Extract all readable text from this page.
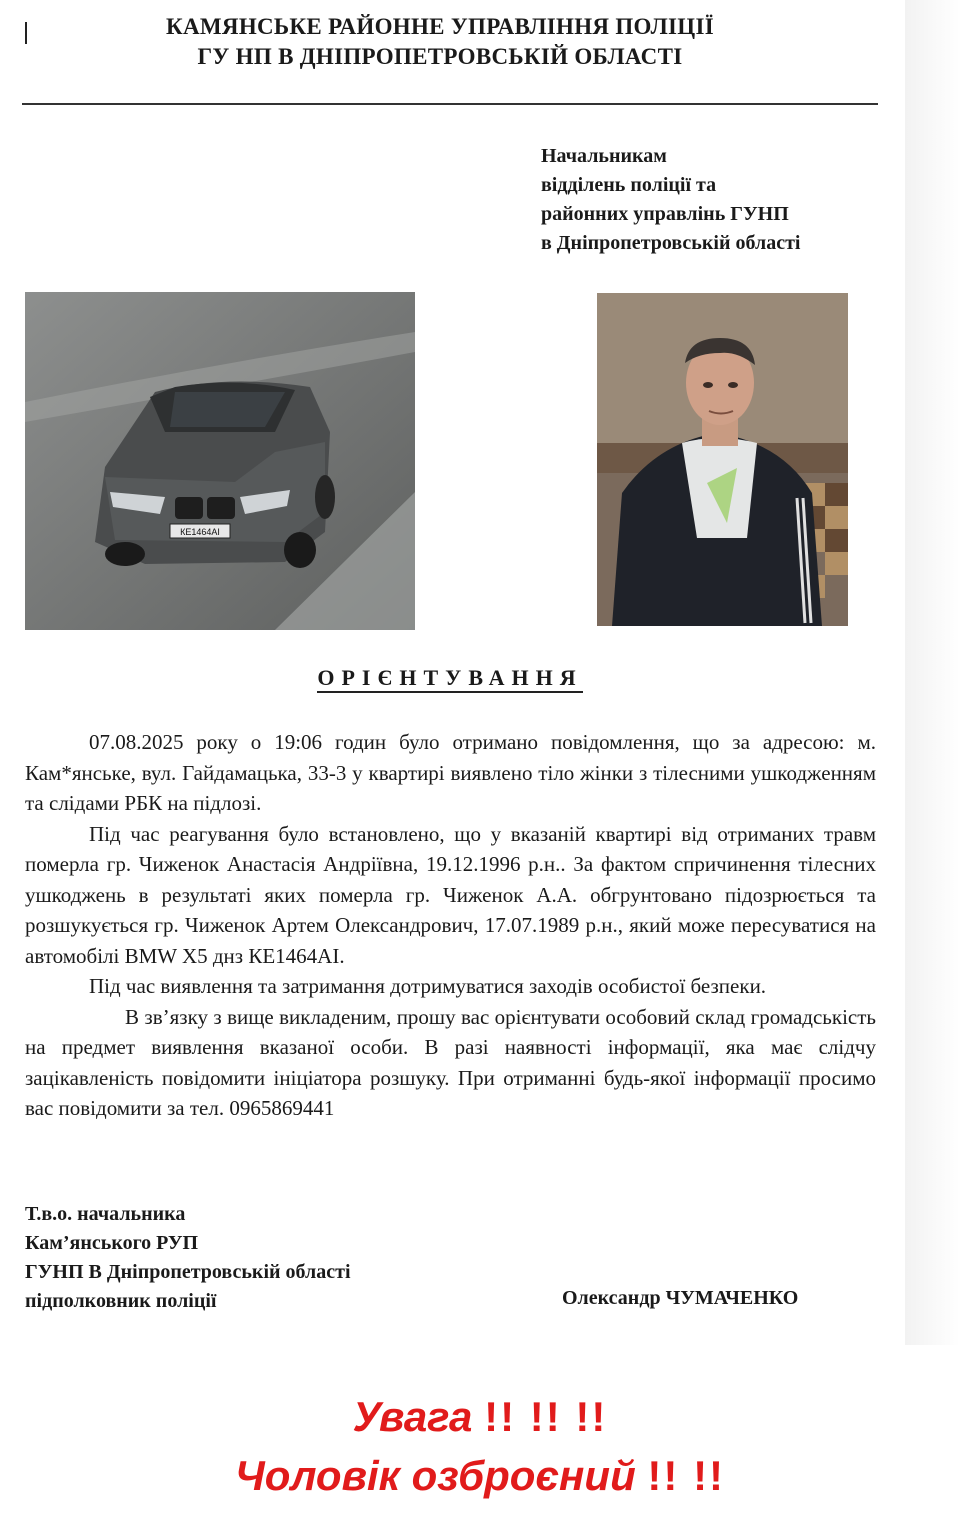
КАМЯНСЬКЕ РАЙОННЕ УПРАВЛІННЯ ПОЛІЦІЇ
ГУ НП В ДНІПРОПЕТРОВСЬКІЙ ОБЛАСТІ
Начальникам
відділень поліції та
районних управлінь ГУНП
в Дніпропетровській області
КЕ1464АІ
ОРІЄНТУВАННЯ

07.08.2025 року о 19:06 годин було отримано повідомлення, що за адресою: м. Кам*янське, вул. Гайдамацька, 33-3 у квартирі виявлено тіло жінки з тілесними ушкодженням та слідами РБК на підлозі.

Під час реагування було встановлено, що у вказаній квартирі від отриманих травм померла гр. Чиженок Анастасія Андріївна, 19.12.1996 р.н.. За фактом спричинення тілесних ушкоджень в результаті яких померла гр. Чиженок А.А. обгрунтовано підозрюється та розшукується гр. Чиженок Артем Олександрович, 17.07.1989 р.н., який може пересуватися на автомобілі BMW X5 днз КЕ1464АІ.

Під час виявлення та затримання дотримуватися заходів особистої безпеки.

В зв’язку з вище викладеним, прошу вас орієнтувати особовий склад громадськість на предмет виявлення вказаної особи. В разі наявності інформації, яка має слідчу зацікавленість повідомити ініціатора розшуку. При отриманні будь-якої інформації просимо вас повідомити за тел. 0965869441

Т.в.о. начальника
Кам’янського РУП
ГУНП В Дніпропетровській області
підполковник поліції	Олександр ЧУМАЧЕНКО
Увага !! !! !!
Чоловік озброєний !! !!
